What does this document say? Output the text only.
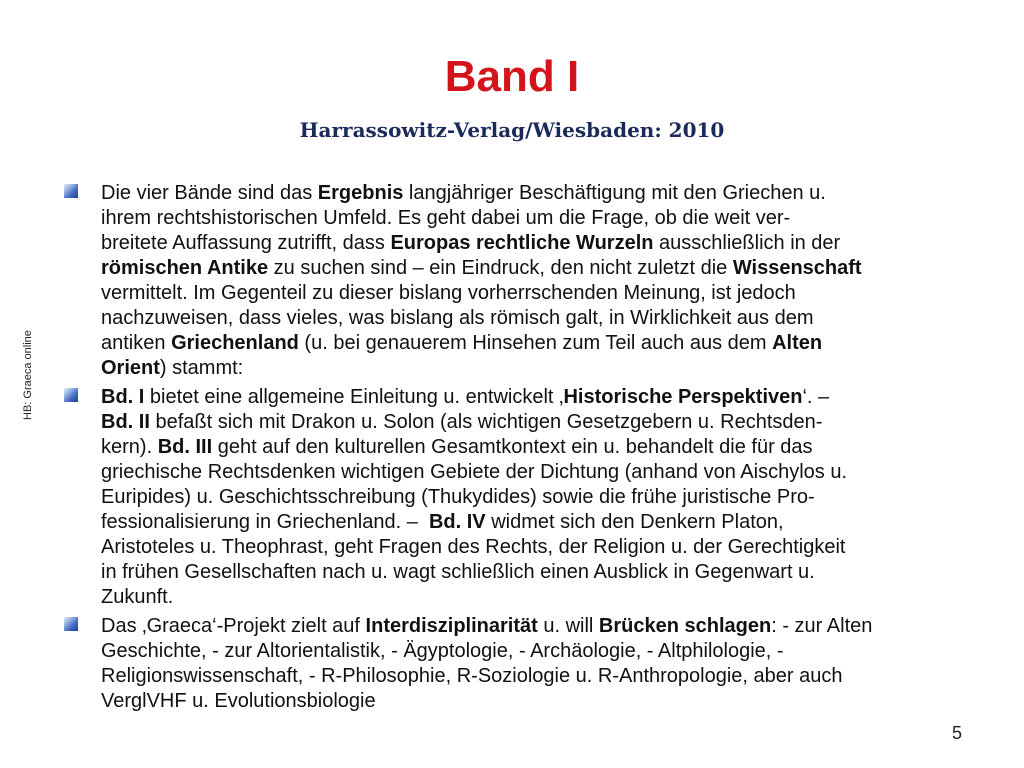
Band I
Harrassowitz-Verlag/Wiesbaden: 2010
HB: Graeca online
Die vier Bände sind das Ergebnis langjähriger Beschäftigung mit den Griechen u.
ihrem rechtshistorischen Umfeld. Es geht dabei um die Frage, ob die weit ver-
breitete Auffassung zutrifft, dass Europas rechtliche Wurzeln ausschließlich in der
römischen Antike zu suchen sind – ein Eindruck, den nicht zuletzt die Wissenschaft
vermittelt. Im Gegenteil zu dieser bislang vorherrschenden Meinung, ist jedoch
nachzuweisen, dass vieles, was bislang als römisch galt, in Wirklichkeit aus dem
antiken Griechenland (u. bei genauerem Hinsehen zum Teil auch aus dem Alten
Orient) stammt:
Bd. I bietet eine allgemeine Einleitung u. entwickelt ‚Historische Perspektiven‘. –
Bd. II befaßt sich mit Drakon u. Solon (als wichtigen Gesetzgebern u. Rechtsden-
kern). Bd. III geht auf den kulturellen Gesamtkontext ein u. behandelt die für das
griechische Rechtsdenken wichtigen Gebiete der Dichtung (anhand von Aischylos u.
Euripides) u. Geschichtsschreibung (Thukydides) sowie die frühe juristische Pro-
fessionalisierung in Griechenland. –  Bd. IV widmet sich den Denkern Platon,
Aristoteles u. Theophrast, geht Fragen des Rechts, der Religion u. der Gerechtigkeit
in frühen Gesellschaften nach u. wagt schließlich einen Ausblick in Gegenwart u.
Zukunft.
Das ‚Graeca‘-Projekt zielt auf Interdisziplinarität u. will Brücken schlagen: - zur Alten
Geschichte, - zur Altorientalistik, - Ägyptologie, - Archäologie, - Altphilologie, -
Religionswissenschaft, - R-Philosophie, R-Soziologie u. R-Anthropologie, aber auch
VerglVHF u. Evolutionsbiologie
5
